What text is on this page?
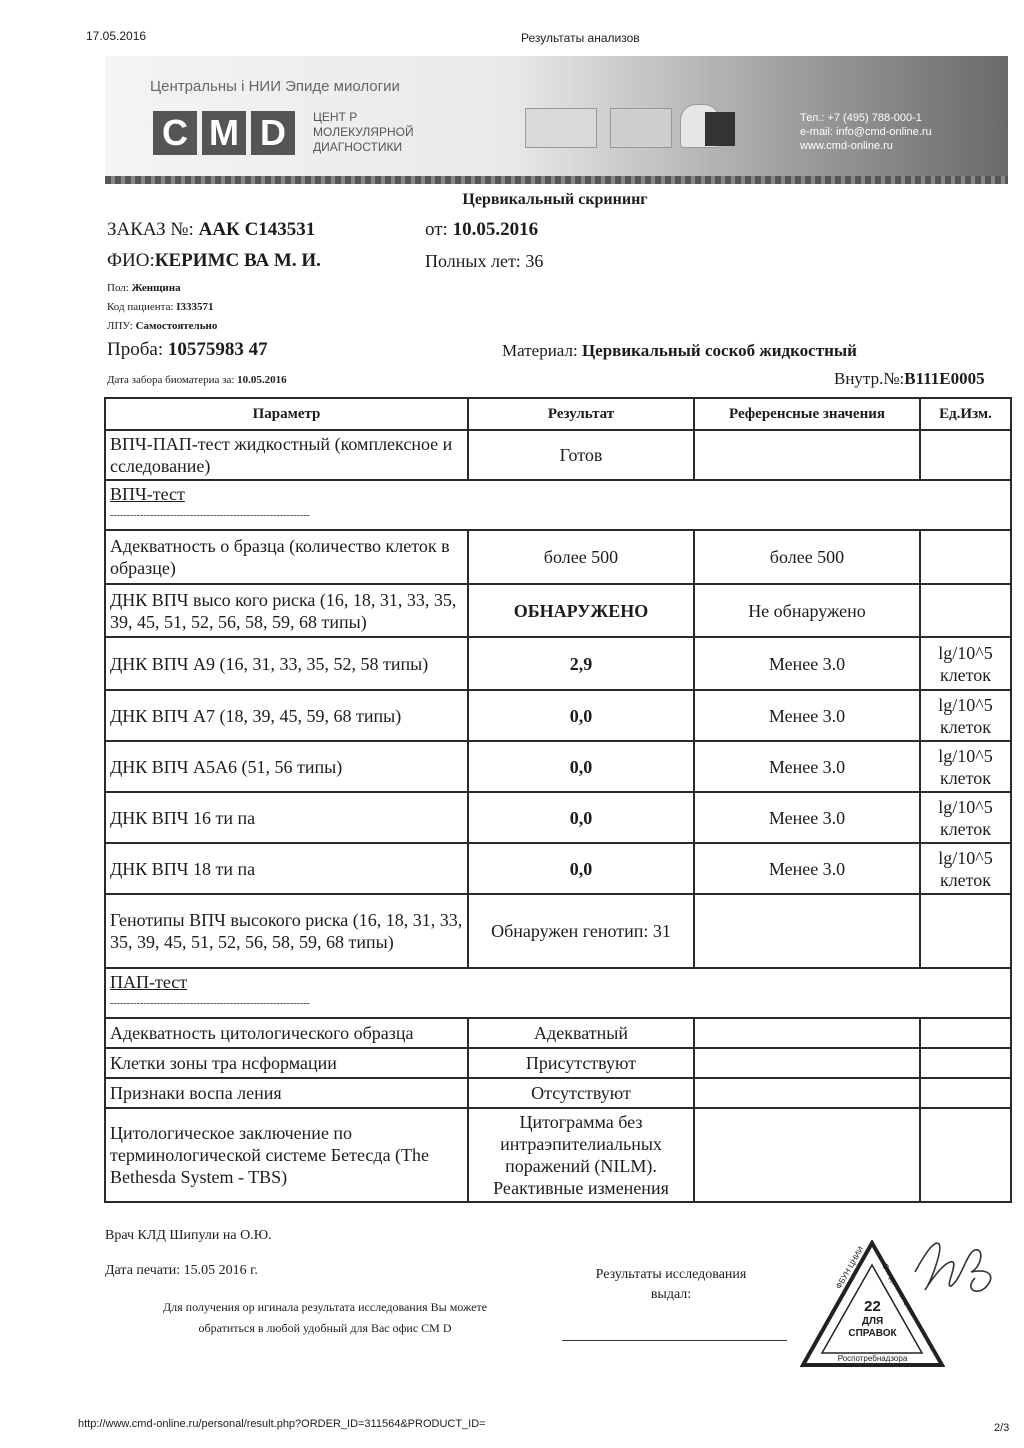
17.05.2016	Результаты анализов
Центральны і НИИ Эпиде миологии
C M D	ЦЕНТ Р
МОЛЕКУЛЯРНОЙ
ДИАГНОСТИКИ
Тел.: +7 (495) 788-000-1
e-mail: info@cmd-online.ru
www.cmd-online.ru
Цервикальный скрининг
ЗАКАЗ №: ААК С143531	от: 10.05.2016
ФИО:КЕРИМС ВА М. И.	Полных лет: 36
Пол: Женщина
Код пациента: I333571
ЛПУ: Самостоятельно
Проба: 10575983 47	Материал: Цервикальный соскоб жидкостный
Дата забора биоматериа за: 10.05.2016	Внутр.№:B111E0005
Параметр	Результат	Референсные значения	Ед.Изм.
ВПЧ-ПАП-тест жидкостный (комплексное и сследование)	Готов		

ВПЧ-тест
------------------------------------------------------------			

Адекватность о бразца (количество клеток в образце)	более 500	более 500	
ДНК ВПЧ высо кого риска (16, 18, 31, 33, 35, 39, 45, 51, 52, 56, 58, 59, 68 типы)	ОБНАРУЖЕНО	Не обнаружено	
ДНК ВПЧ А9 (16, 31, 33, 35, 52, 58 типы)	2,9	Менее 3.0	lg/10^5 клеток
ДНК ВПЧ А7 (18, 39, 45, 59, 68 типы)	0,0	Менее 3.0	lg/10^5 клеток
ДНК ВПЧ А5А6 (51, 56 типы)	0,0	Менее 3.0	lg/10^5 клеток
ДНК ВПЧ 16 ти па	0,0	Менее 3.0	lg/10^5 клеток
ДНК ВПЧ 18 ти па	0,0	Менее 3.0	lg/10^5 клеток
Генотипы ВПЧ высокого риска (16, 18, 31, 33, 35, 39, 45, 51, 52, 56, 58, 59, 68 типы)	Обнаружен генотип: 31		

ПАП-тест
------------------------------------------------------------			

Адекватность цитологического образца	Адекватный		
Клетки зоны тра нсформации	Присутствуют		
Признаки воспа ления	Отсутствуют		
Цитологическое заключение по терминологической системе Бетесда (The Bethesda System - TBS)	Цитограмма без интраэпителиальных поражений (NILM). Реактивные изменения		
Врач КЛД Шипули на О.Ю.
Дата печати: 15.05 2016 г.	Результаты исследования
выдал:
Для получения ор игинала результата исследования Вы можете
обратиться в любой удобный для Вас офис СМ D
ФБУН ЦНИИ Эпидемиологии
22
ДЛЯ
СПРАВОК
Роспотребнадзора
http://www.cmd-online.ru/personal/result.php?ORDER_ID=311564&PRODUCT_ID=	2/3
